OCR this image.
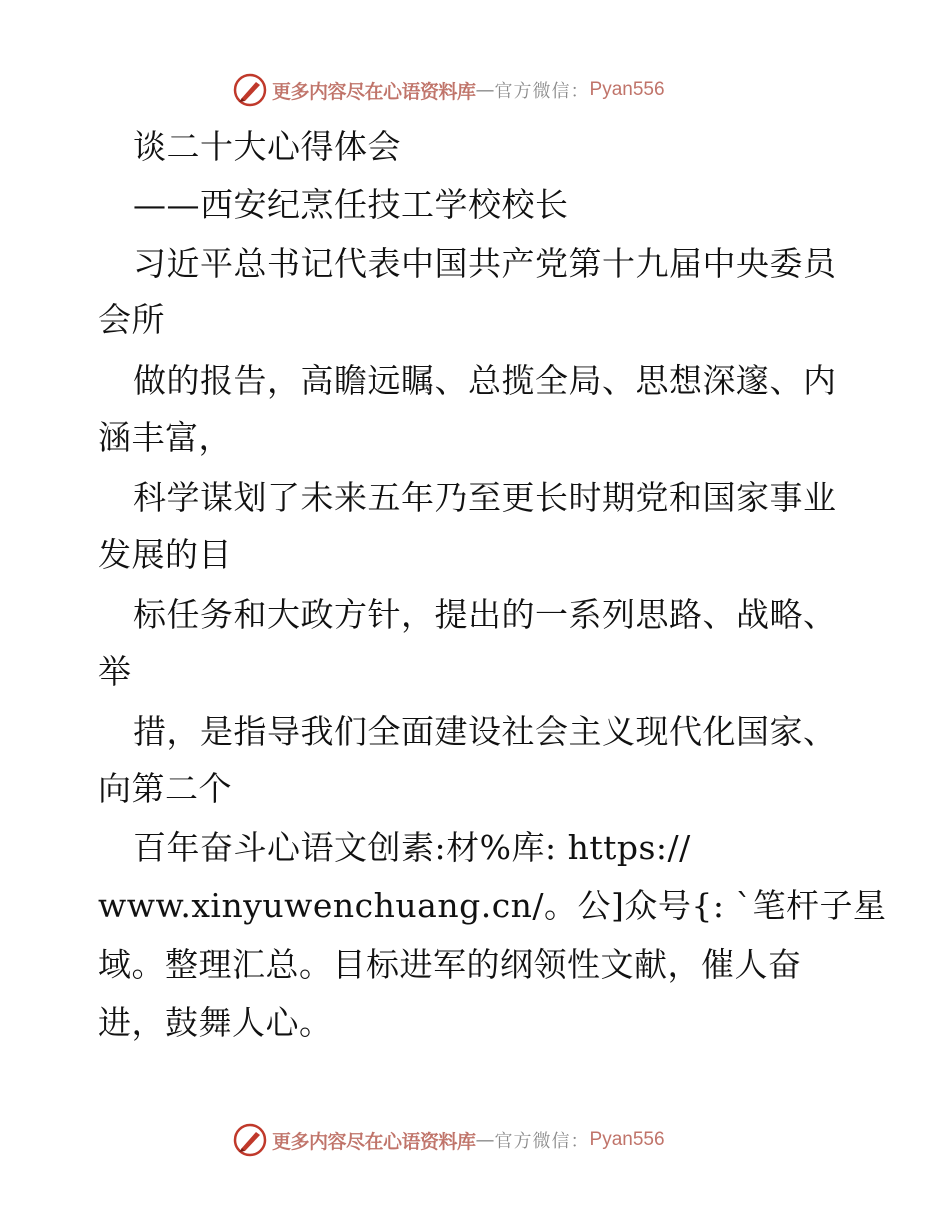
更多内容尽在心语资料库 — 官方微信： Pyan556
谈二十大心得体会
——西安纪烹任技工学校校长
习近平总书记代表中国共产党第十九届中央委员
会所
做的报告，高瞻远瞩、总揽全局、思想深邃、内
涵丰富，
科学谋划了未来五年乃至更长时期党和国家事业
发展的目
标任务和大政方针，提出的一系列思路、战略、
举
措，是指导我们全面建设社会主义现代化国家、
向第二个
百年奋斗心语文创素:材%库: https://
www.xinyuwenchuang.cn/。公]众号{: `笔杆子星
域。整理汇总。目标进军的纲领性文献，催人奋
进，鼓舞人心。
更多内容尽在心语资料库 — 官方微信： Pyan556
